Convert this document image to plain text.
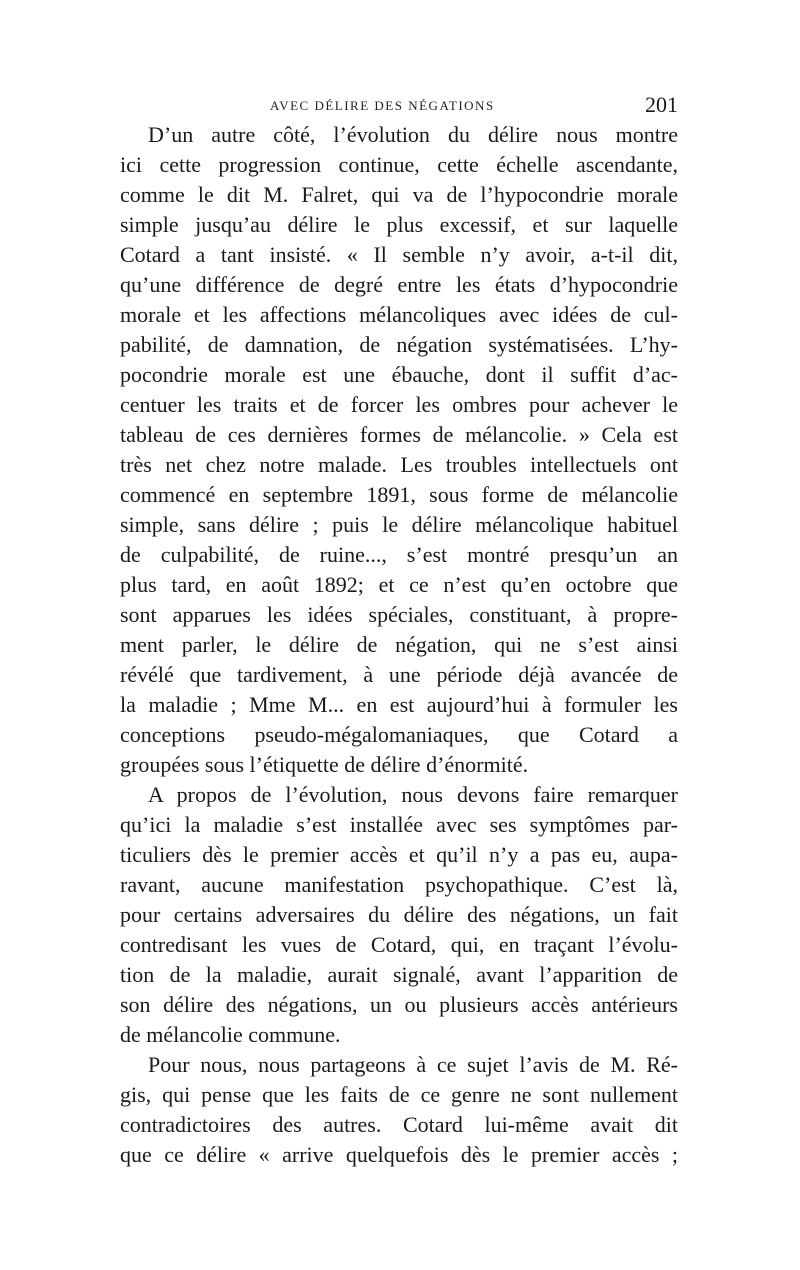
AVEC DÉLIRE DES NÉGATIONS	201
D’un autre côté, l’évolution du délire nous montre
ici cette progression continue, cette échelle ascendante,
comme le dit M. Falret, qui va de l’hypocondrie morale
simple jusqu’au délire le plus excessif, et sur laquelle
Cotard a tant insisté. « Il semble n’y avoir, a-t-il dit,
qu’une différence de degré entre les états d’hypocondrie
morale et les affections mélancoliques avec idées de cul-
pabilité, de damnation, de négation systématisées. L’hy-
pocondrie morale est une ébauche, dont il suffit d’ac-
centuer les traits et de forcer les ombres pour achever le
tableau de ces dernières formes de mélancolie. » Cela est
très net chez notre malade. Les troubles intellectuels ont
commencé en septembre 1891, sous forme de mélancolie
simple, sans délire ; puis le délire mélancolique habituel
de culpabilité, de ruine..., s’est montré presqu’un an
plus tard, en août 1892; et ce n’est qu’en octobre que
sont apparues les idées spéciales, constituant, à propre-
ment parler, le délire de négation, qui ne s’est ainsi
révélé que tardivement, à une période déjà avancée de
la maladie ; Mme M... en est aujourd’hui à formuler les
conceptions pseudo-mégalomaniaques, que Cotard a
groupées sous l’étiquette de délire d’énormité.
A propos de l’évolution, nous devons faire remarquer
qu’ici la maladie s’est installée avec ses symptômes par-
ticuliers dès le premier accès et qu’il n’y a pas eu, aupa-
ravant, aucune manifestation psychopathique. C’est là,
pour certains adversaires du délire des négations, un fait
contredisant les vues de Cotard, qui, en traçant l’évolu-
tion de la maladie, aurait signalé, avant l’apparition de
son délire des négations, un ou plusieurs accès antérieurs
de mélancolie commune.
Pour nous, nous partageons à ce sujet l’avis de M. Ré-
gis, qui pense que les faits de ce genre ne sont nullement
contradictoires des autres. Cotard lui-même avait dit
que ce délire « arrive quelquefois dès le premier accès ;
